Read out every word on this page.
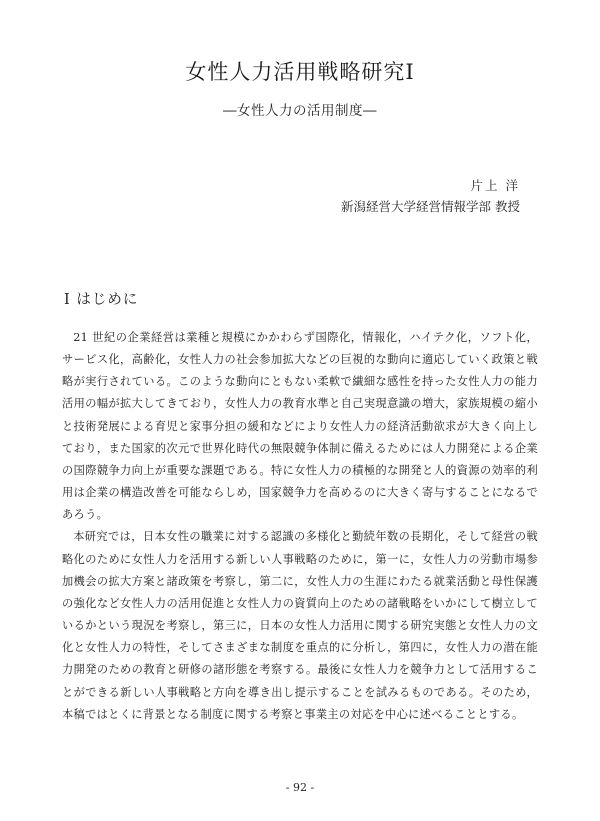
女性人力活用戦略研究Ⅰ
―女性人力の活用制度―
片上 洋
新潟経営大学経営情報学部 教授
Ⅰ はじめに

21 世紀の企業経営は業種と規模にかかわらず国際化，情報化，ハイテク化，ソフト化，サービス化，高齢化，女性人力の社会参加拡大などの巨視的な動向に適応していく政策と戦略が実行されている。このような動向にともない柔軟で繊細な感性を持った女性人力の能力活用の幅が拡大してきており，女性人力の教育水準と自己実現意識の増大，家族規模の縮小と技術発展による育児と家事分担の緩和などにより女性人力の経済活動欲求が大きく向上しており，また国家的次元で世界化時代の無限競争体制に備えるためには人力開発による企業の国際競争力向上が重要な課題である。特に女性人力の積極的な開発と人的資源の効率的利用は企業の構造改善を可能ならしめ，国家競争力を高めるのに大きく寄与することになるであろう。

本研究では，日本女性の職業に対する認識の多様化と勤続年数の長期化，そして経営の戦略化のために女性人力を活用する新しい人事戦略のために，第一に，女性人力の労動市場参加機会の拡大方案と諸政策を考察し，第二に，女性人力の生涯にわたる就業活動と母性保護の強化など女性人力の活用促進と女性人力の資質向上のための諸戦略をいかにして樹立しているかという現況を考察し，第三に，日本の女性人力活用に関する研究実態と女性人力の文化と女性人力の特性，そしてさまざまな制度を重点的に分析し，第四に，女性人力の潜在能力開発のための教育と研修の諸形態を考察する。最後に女性人力を競争力として活用することができる新しい人事戦略と方向を導き出し提示することを試みるものである。そのため，本稿ではとくに背景となる制度に関する考察と事業主の対応を中心に述べることとする。

- 92 -
